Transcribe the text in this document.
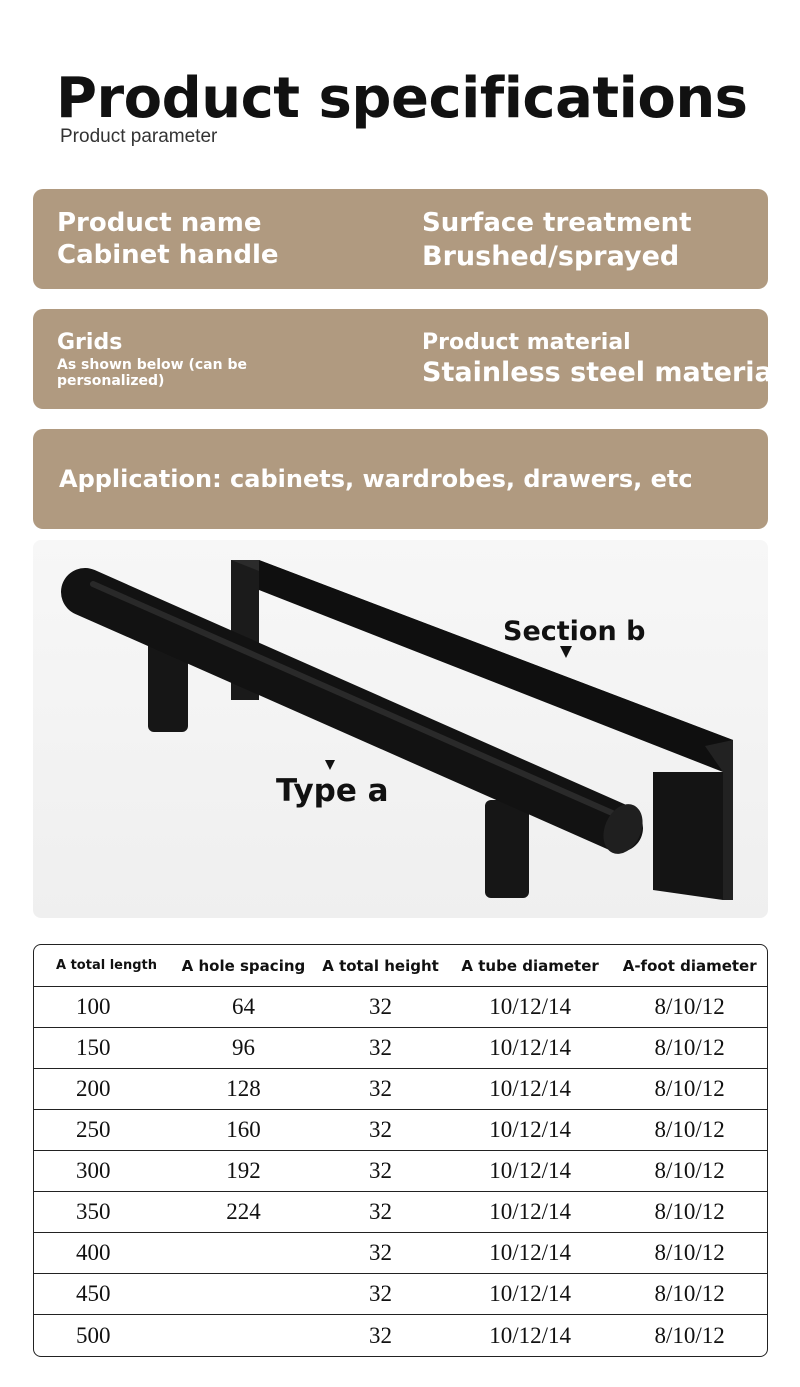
Product specifications
Product parameter
Product name
Cabinet handle
Surface treatment
Brushed/sprayed
Grids
As shown below (can be personalized)
Product material
Stainless steel material
Application: cabinets, wardrobes, drawers, etc
Section b
Type a
A total length	A hole spacing	A total height	A tube diameter	A-foot diameter
100	64	32	10/12/14	8/10/12
150	96	32	10/12/14	8/10/12
200	128	32	10/12/14	8/10/12
250	160	32	10/12/14	8/10/12
300	192	32	10/12/14	8/10/12
350	224	32	10/12/14	8/10/12
400		32	10/12/14	8/10/12
450		32	10/12/14	8/10/12
500		32	10/12/14	8/10/12
